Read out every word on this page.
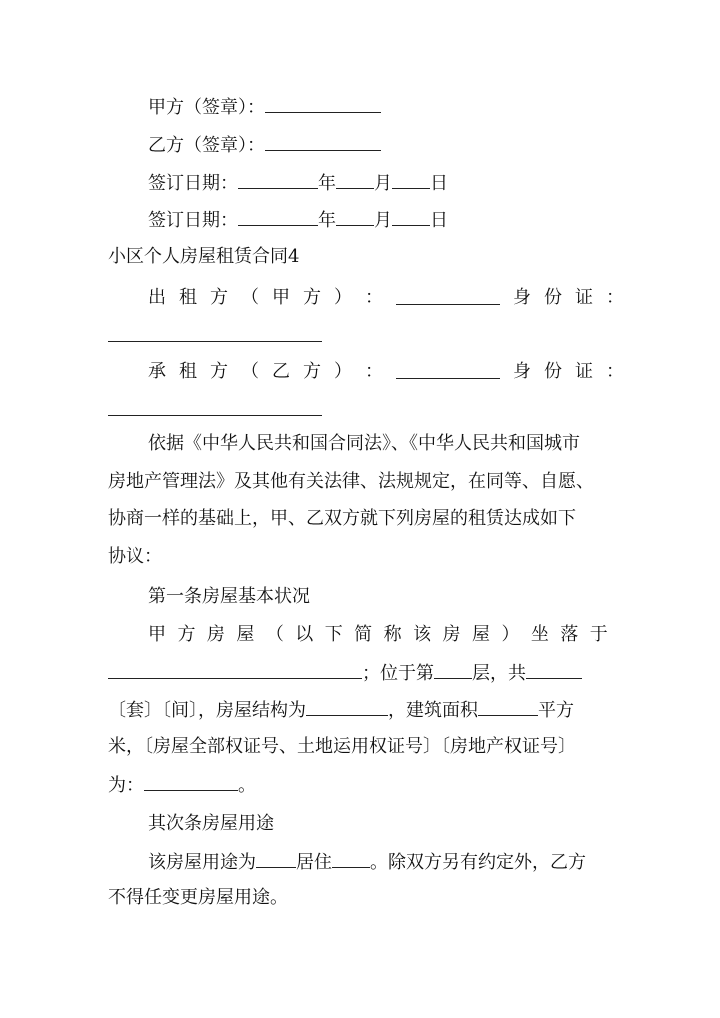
甲方（签章）：
乙方（签章）：
签订日期：	年 月 日
签订日期：	年 月 日
小区个人房屋租赁合同4
出 租 方 （ 甲 方 ） ：	身 份 证 ：
承 租 方 （ 乙 方 ） ：	身 份 证 ：
依据《中华人民共和国合同法》、《中华人民共和国城市
房地产管理法》及其他有关法律、法规规定，在同等、自愿、
协商一样的基础上，甲、乙双方就下列房屋的租赁达成如下
协议：
第一条房屋基本状况
甲 方 房 屋 （ 以 下 简 称 该 房 屋 ） 坐 落 于
；位于第 层，共
〔套〕〔间〕，房屋结构为	，建筑面积	平方
米，〔房屋全部权证号、土地运用权证号〕〔房地产权证号〕
为：	。
其次条房屋用途
该房屋用途为 居住 。除双方另有约定外，乙方
不得任变更房屋用途。
